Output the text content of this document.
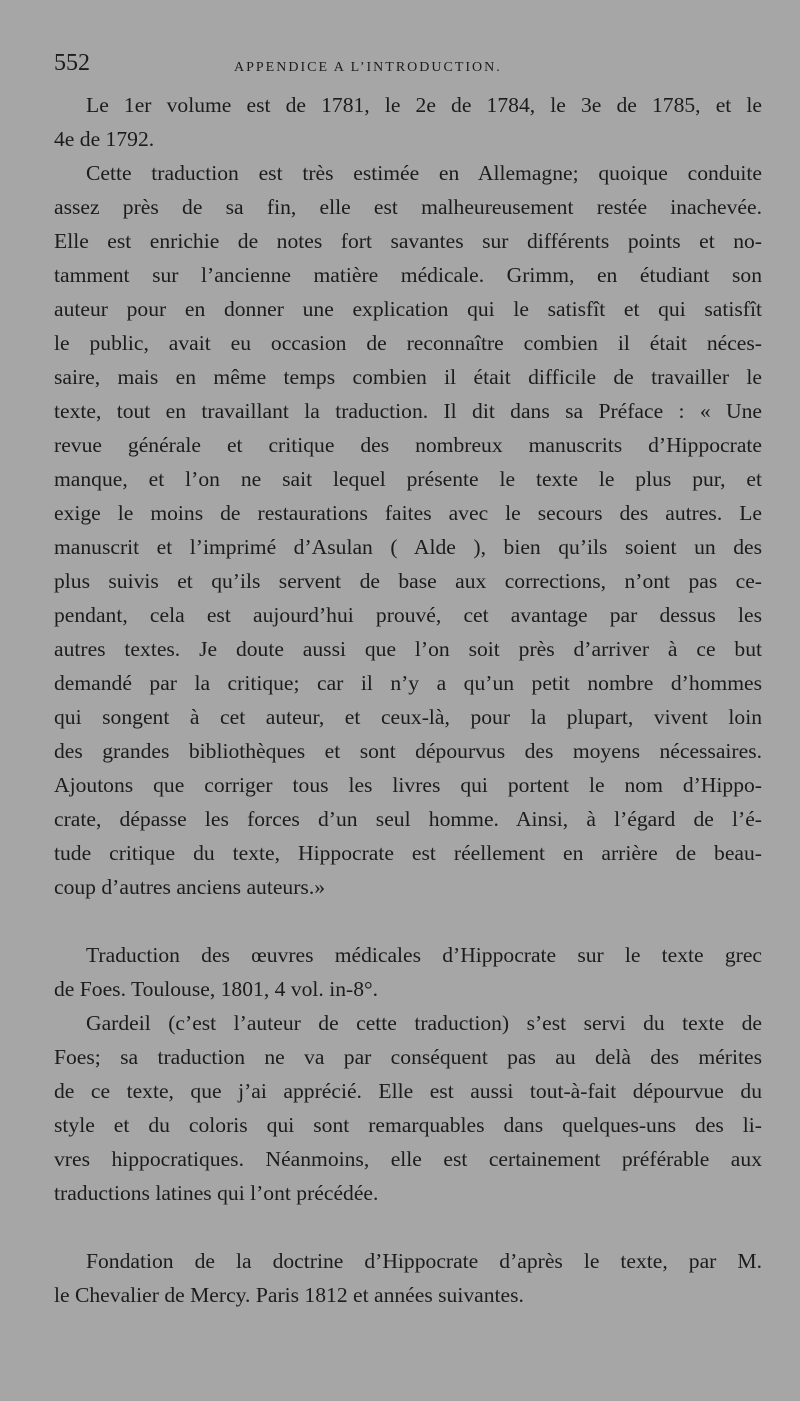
552	APPENDICE A L’INTRODUCTION.
Le 1er volume est de 1781, le 2e de 1784, le 3e de 1785, et le
4e de 1792.
Cette traduction est très estimée en Allemagne; quoique conduite
assez près de sa fin, elle est malheureusement restée inachevée.
Elle est enrichie de notes fort savantes sur différents points et no-
tamment sur l’ancienne matière médicale. Grimm, en étudiant son
auteur pour en donner une explication qui le satisfît et qui satisfît
le public, avait eu occasion de reconnaître combien il était néces-
saire, mais en même temps combien il était difficile de travailler le
texte, tout en travaillant la traduction. Il dit dans sa Préface : « Une
revue générale et critique des nombreux manuscrits d’Hippocrate
manque, et l’on ne sait lequel présente le texte le plus pur, et
exige le moins de restaurations faites avec le secours des autres. Le
manuscrit et l’imprimé d’Asulan ( Alde ), bien qu’ils soient un des
plus suivis et qu’ils servent de base aux corrections, n’ont pas ce-
pendant, cela est aujourd’hui prouvé, cet avantage par dessus les
autres textes. Je doute aussi que l’on soit près d’arriver à ce but
demandé par la critique; car il n’y a qu’un petit nombre d’hommes
qui songent à cet auteur, et ceux-là, pour la plupart, vivent loin
des grandes bibliothèques et sont dépourvus des moyens nécessaires.
Ajoutons que corriger tous les livres qui portent le nom d’Hippo-
crate, dépasse les forces d’un seul homme. Ainsi, à l’égard de l’é-
tude critique du texte, Hippocrate est réellement en arrière de beau-
coup d’autres anciens auteurs.»
Traduction des œuvres médicales d’Hippocrate sur le texte grec
de Foes. Toulouse, 1801, 4 vol. in-8°.
Gardeil (c’est l’auteur de cette traduction) s’est servi du texte de
Foes; sa traduction ne va par conséquent pas au delà des mérites
de ce texte, que j’ai apprécié. Elle est aussi tout-à-fait dépourvue du
style et du coloris qui sont remarquables dans quelques-uns des li-
vres hippocratiques. Néanmoins, elle est certainement préférable aux
traductions latines qui l’ont précédée.
Fondation de la doctrine d’Hippocrate d’après le texte, par M.
le Chevalier de Mercy. Paris 1812 et années suivantes.
